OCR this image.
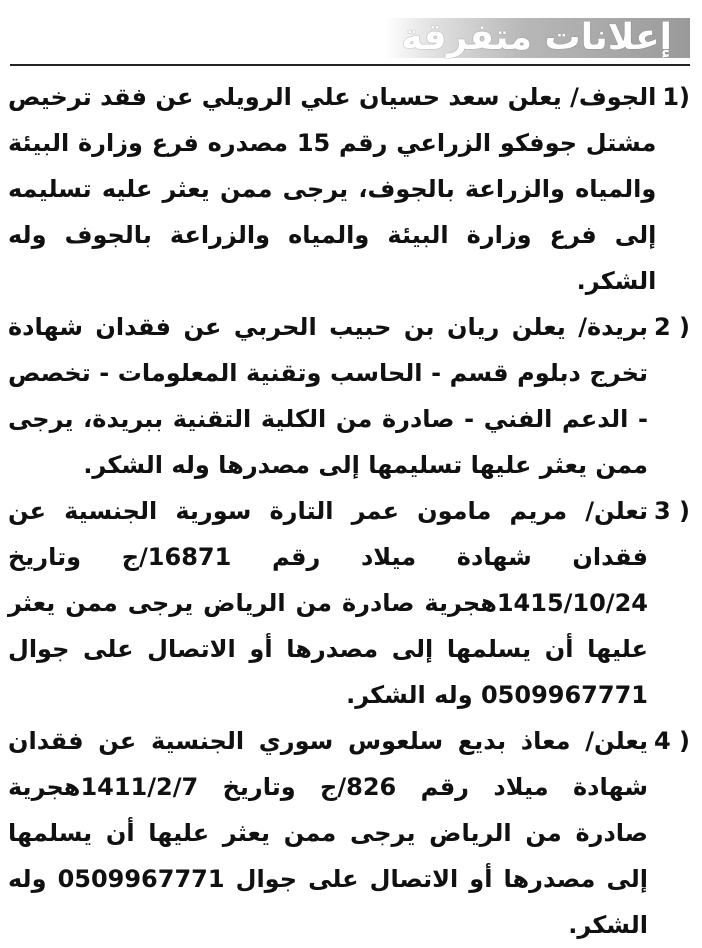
إعلانات متفرقة
1)
الجوف/ يعلن سعد حسيان علي الرويلي عن فقد ترخيص مشتل جوفكو الزراعي رقم 15 مصدره فرع وزارة البيئة والمياه والزراعة بالجوف، يرجى ممن يعثر عليه تسليمه إلى فرع وزارة البيئة والمياه والزراعة بالجوف وله الشكر.
2 )
بريدة/ يعلن ريان بن حبيب الحربي عن فقدان شهادة تخرج دبلوم قسم - الحاسب وتقنية المعلومات - تخصص - الدعم الفني - صادرة من الكلية التقنية ببريدة، يرجى ممن يعثر عليها تسليمها إلى مصدرها وله الشكر.
3 )
تعلن/ مريم مامون عمر التارة سورية الجنسية عن فقدان شهادة ميلاد رقم 16871/ج وتاريخ 1415/10/24هجرية صادرة من الرياض يرجى ممن يعثر عليها أن يسلمها إلى مصدرها أو الاتصال على جوال 0509967771 وله الشكر.
4 )
يعلن/ معاذ بديع سلعوس سوري الجنسية عن فقدان شهادة ميلاد رقم 826/ج وتاريخ 1411/2/7هجرية صادرة من الرياض يرجى ممن يعثر عليها أن يسلمها إلى مصدرها أو الاتصال على جوال 0509967771 وله الشكر.
